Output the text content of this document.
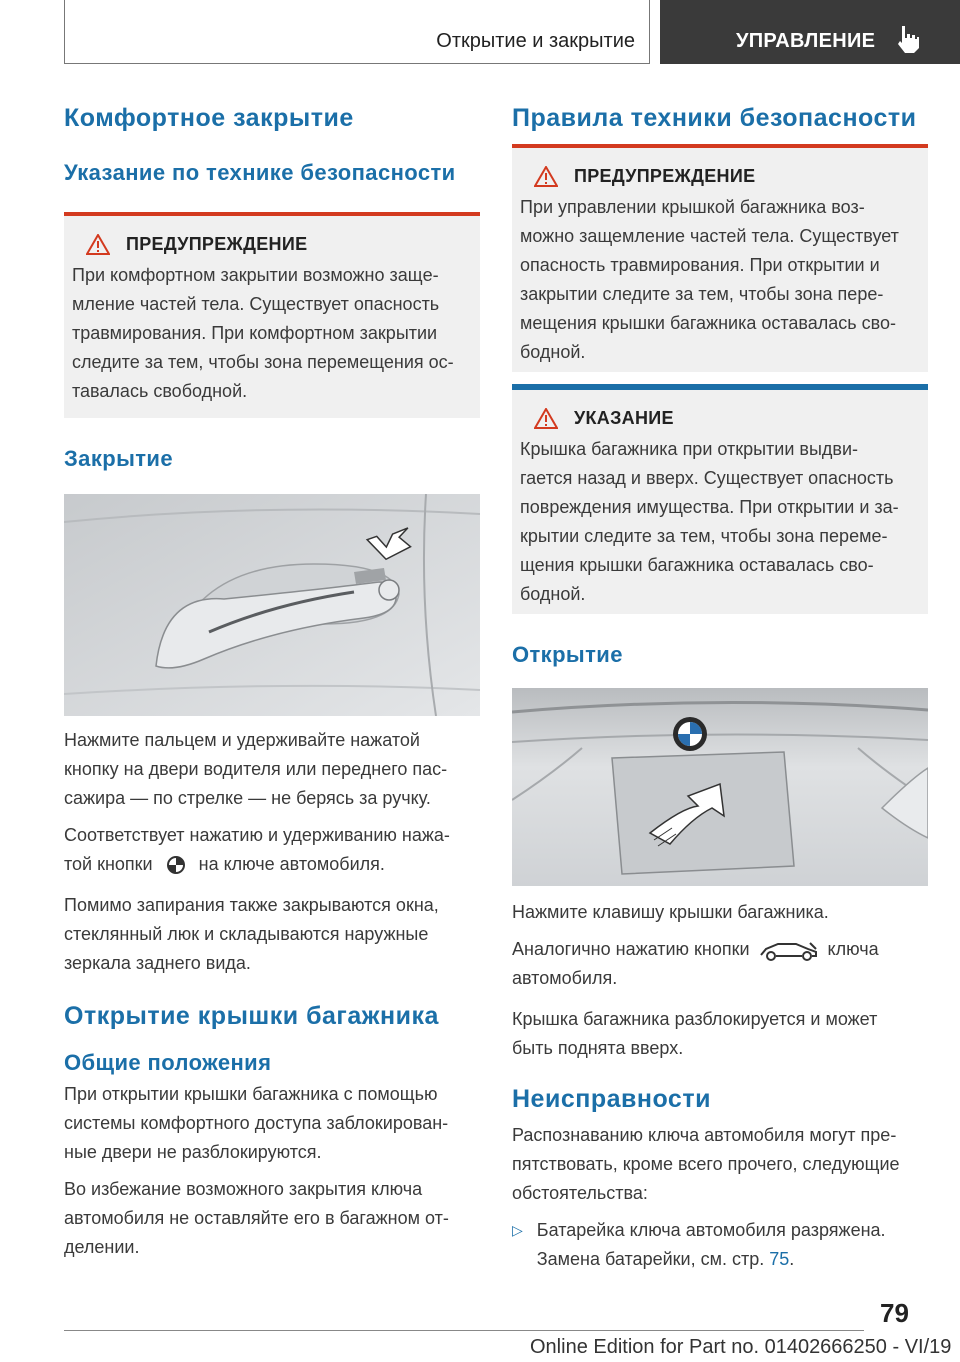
Открытие и закрытие	УПРАВЛЕНИЕ
Комфортное закрытие
Указание по технике безопасности
ПРЕДУПРЕЖДЕНИЕ
При комфортном закрытии возможно защe-
мление частей тела. Существует опасность
травмирования. При комфортном закрытии
следите за тем, чтобы зона перемещения ос-
тавалась свободной.
Закрытие
Нажмите пальцем и удерживайте нажатой
кнопку на двери водителя или переднего пас-
сажира — по стрелке — не берясь за ручку.
Соответствует нажатию и удерживанию нажа-
той кнопки	на ключе автомобиля.
Помимо запирания также закрываются окна,
стеклянный люк и складываются наружные
зеркала заднего вида.
Открытие крышки багажника
Общие положения
При открытии крышки багажника с помощью
системы комфортного доступа заблокирован-
ные двери не разблокируются.
Во избежание возможного закрытия ключа
автомобиля не оставляйте его в багажном от-
делении.
Правила техники безопасности
ПРЕДУПРЕЖДЕНИЕ
При управлении крышкой багажника воз-
можно защемление частей тела. Существует
опасность травмирования. При открытии и
закрытии следите за тем, чтобы зона пере-
мещения крышки багажника оставалась сво-
бодной.
УКАЗАНИЕ
Крышка багажника при открытии выдви-
гается назад и вверх. Существует опасность
повреждения имущества. При открытии и за-
крытии следите за тем, чтобы зона переме-
щения крышки багажника оставалась сво-
бодной.
Открытие
Нажмите клавишу крышки багажника.
Аналогично нажатию кнопки	ключа
автомобиля.
Крышка багажника разблокируется и может
быть поднята вверх.
Неисправности
Распознаванию ключа автомобиля могут пре-
пятствовать, кроме всего прочего, следующие
обстоятельства:
▷ Батарейка ключа автомобиля разряжена.
Замена батарейки, см. стр. 75.
79
Online Edition for Part no. 01402666250 - VI/19
